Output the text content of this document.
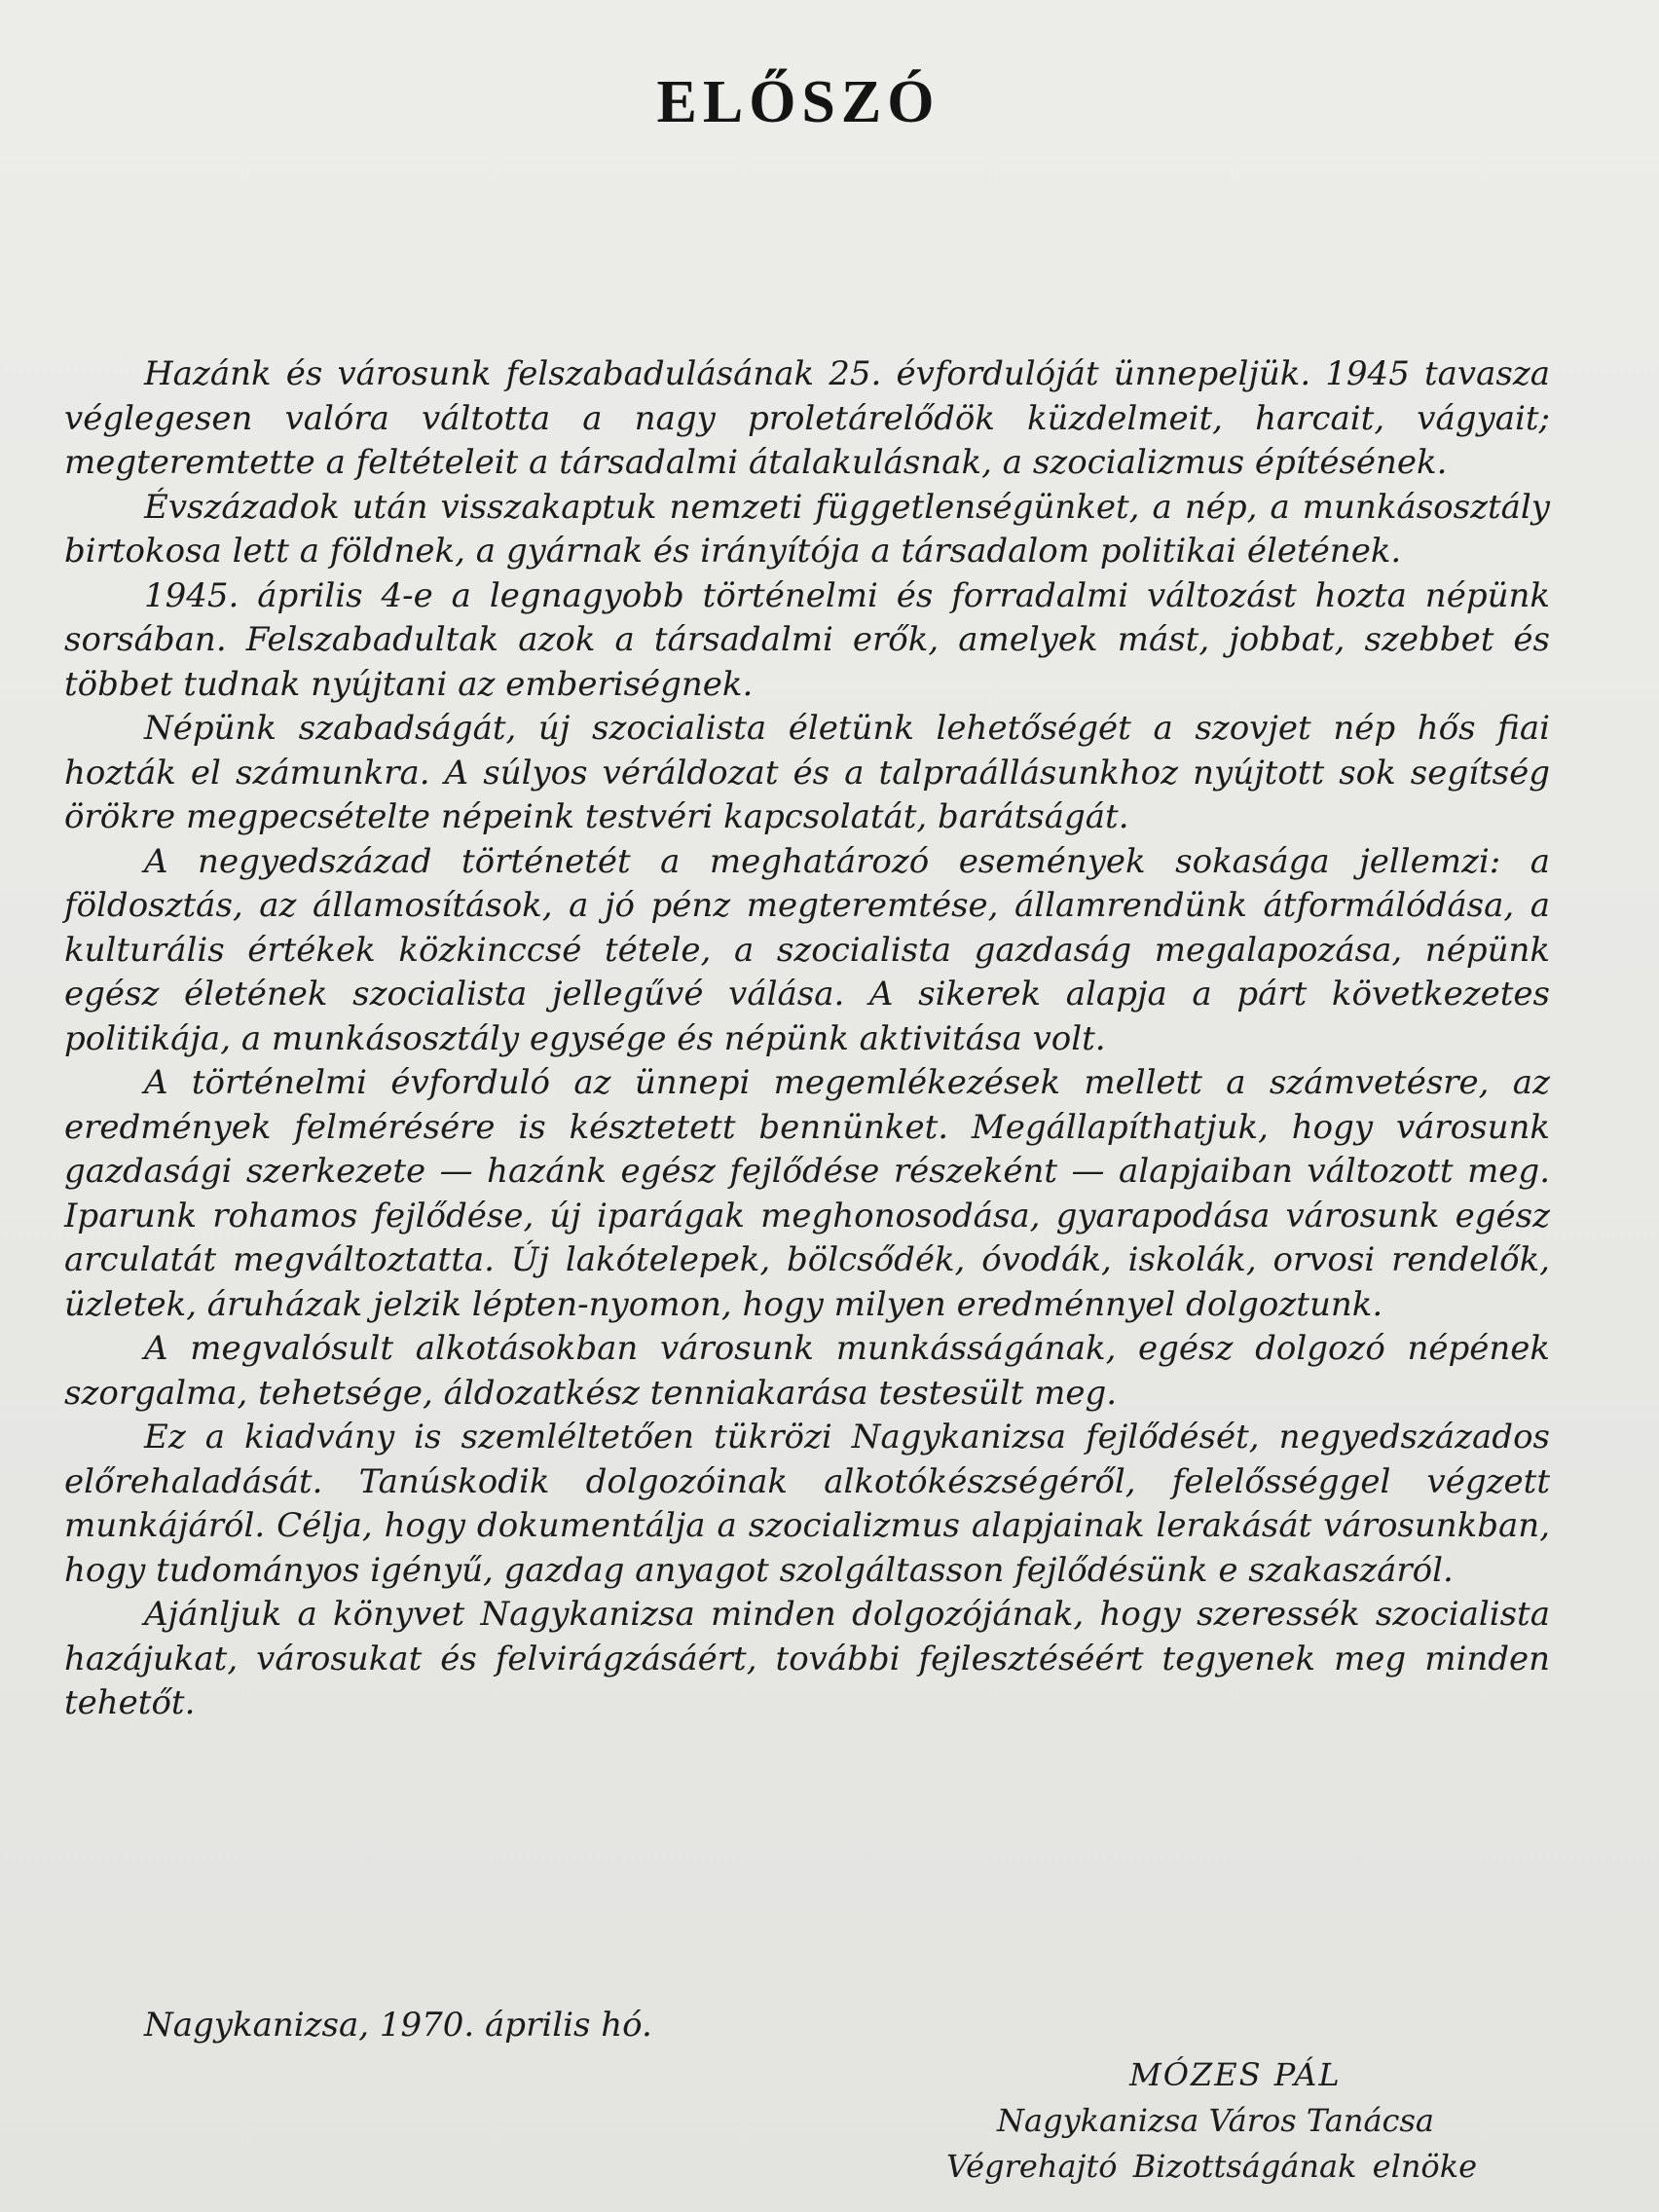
ELŐSZÓ

Hazánk és városunk felszabadulásának 25. évfordulóját ünnepeljük. 1945 tavasza véglegesen valóra váltotta a nagy proletárelődök küzdelmeit, harcait, vágyait; megteremtette a feltételeit a társadalmi átalakulásnak, a szocializmus építésének.

Évszázadok után visszakaptuk nemzeti függetlenségünket, a nép, a munkásosztály birtokosa lett a földnek, a gyárnak és irányítója a társadalom politikai életének.

1945. április 4-e a legnagyobb történelmi és forradalmi változást hozta népünk sorsában. Felszabadultak azok a társadalmi erők, amelyek mást, jobbat, szebbet és többet tudnak nyújtani az emberiségnek.

Népünk szabadságát, új szocialista életünk lehetőségét a szovjet nép hős fiai hozták el számunkra. A súlyos véráldozat és a talpraállásunkhoz nyújtott sok segítség örökre megpecsételte népeink testvéri kapcsolatát, barátságát.

A negyedszázad történetét a meghatározó események sokasága jellemzi: a földosztás, az államosítások, a jó pénz megteremtése, államrendünk átformálódása, a kulturális értékek közkinccsé tétele, a szocialista gazdaság megalapozása, népünk egész életének szocialista jellegűvé válása. A sikerek alapja a párt következetes politikája, a munkásosztály egysége és népünk aktivitása volt.

A történelmi évforduló az ünnepi megemlékezések mellett a számvetésre, az eredmények felmérésére is késztetett bennünket. Megállapíthatjuk, hogy városunk gazdasági szerkezete — hazánk egész fejlődése részeként — alapjaiban változott meg. Iparunk rohamos fejlődése, új iparágak meghonosodása, gyarapodása városunk egész arculatát megváltoztatta. Új lakótelepek, bölcsődék, óvodák, iskolák, orvosi rendelők, üzletek, áruházak jelzik lépten-nyomon, hogy milyen eredménnyel dolgoztunk.

A megvalósult alkotásokban városunk munkásságának, egész dolgozó népének szorgalma, tehetsége, áldozatkész tenniakarása testesült meg.

Ez a kiadvány is szemléltetően tükrözi Nagykanizsa fejlődését, negyedszázados előrehaladását. Tanúskodik dolgozóinak alkotókészségéről, felelősséggel végzett munkájáról. Célja, hogy dokumentálja a szocializmus alapjainak lerakását városunkban, hogy tudományos igényű, gazdag anyagot szolgáltasson fejlődésünk e szakaszáról.

Ajánljuk a könyvet Nagykanizsa minden dolgozójának, hogy szeressék szocialista hazájukat, városukat és felvirágzásáért, további fejlesztéséért tegyenek meg minden tehetőt.

Nagykanizsa, 1970. április hó.
MÓZES PÁL
Nagykanizsa Város Tanácsa
Végrehajtó Bizottságának elnöke
